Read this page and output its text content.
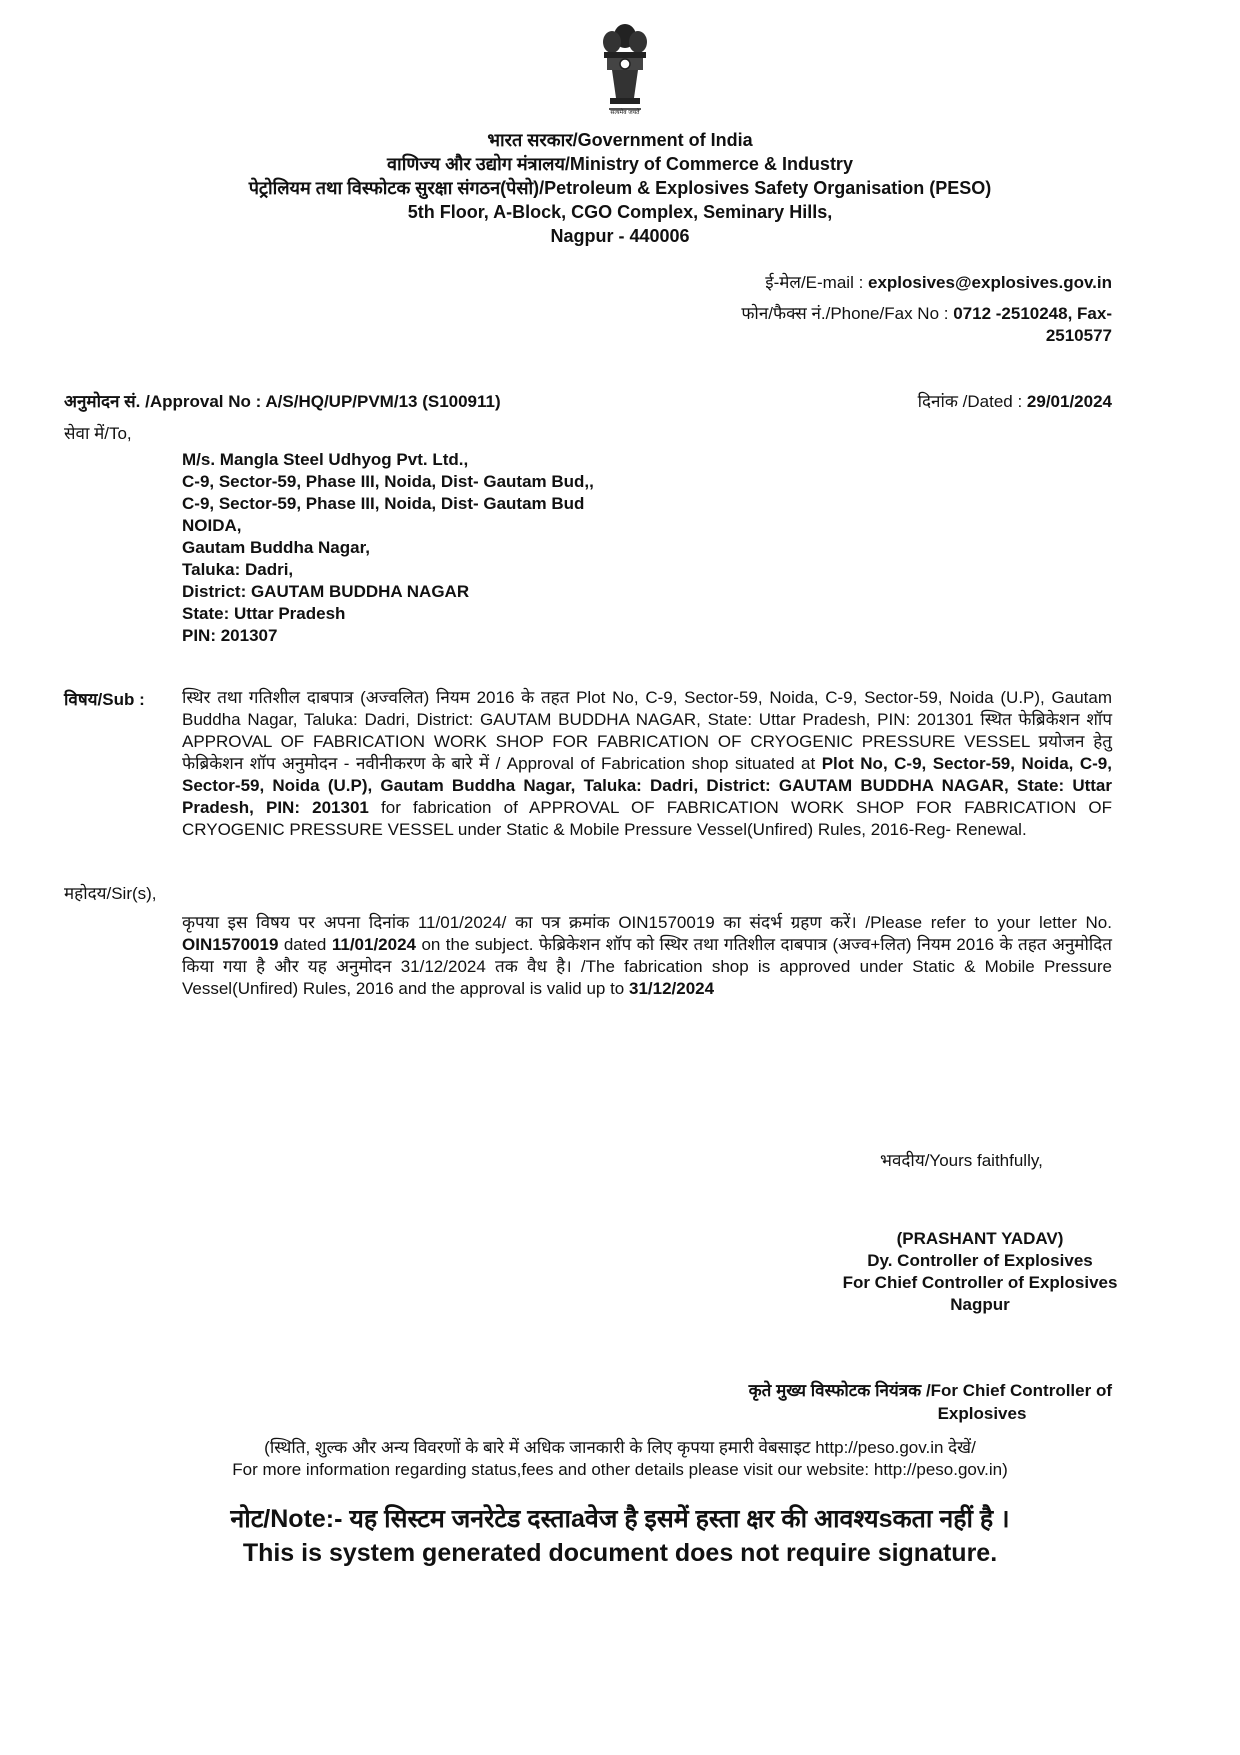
सत्यमेव जयते
भारत सरकार/Government of India
वाणिज्य और उद्योग मंत्रालय/Ministry of Commerce & Industry
पेट्रोलियम तथा विस्फोटक सुरक्षा संगठन(पेसो)/Petroleum & Explosives Safety Organisation (PESO)
5th Floor, A-Block, CGO Complex, Seminary Hills,
Nagpur - 440006
ई-मेल/E-mail : explosives@explosives.gov.in
फोन/फैक्स नं./Phone/Fax No : 0712 -2510248, Fax-
2510577
अनुमोदन सं. /Approval No : A/S/HQ/UP/PVM/13 (S100911)	दिनांक /Dated : 29/01/2024
सेवा में/To,
M/s. Mangla Steel Udhyog Pvt. Ltd.,
C-9, Sector-59, Phase III, Noida, Dist- Gautam Bud,,
C-9, Sector-59, Phase III, Noida, Dist- Gautam Bud
NOIDA,
Gautam Buddha Nagar,
Taluka: Dadri,
District: GAUTAM BUDDHA NAGAR
State: Uttar Pradesh
PIN: 201307
विषय/Sub : स्थिर तथा गतिशील दाबपात्र (अज्वलित) नियम 2016 के तहत Plot No, C-9, Sector-59, Noida, C-9, Sector-59, Noida (U.P), Gautam Buddha Nagar, Taluka: Dadri, District: GAUTAM BUDDHA NAGAR, State: Uttar Pradesh, PIN: 201301 स्थित फेब्रिकेशन शॉप APPROVAL OF FABRICATION WORK SHOP FOR FABRICATION OF CRYOGENIC PRESSURE VESSEL प्रयोजन हेतु फेब्रिकेशन शॉप अनुमोदन - नवीनीकरण के बारे में / Approval of Fabrication shop situated at Plot No, C-9, Sector-59, Noida, C-9, Sector-59, Noida (U.P), Gautam Buddha Nagar, Taluka: Dadri, District: GAUTAM BUDDHA NAGAR, State: Uttar Pradesh, PIN: 201301 for fabrication of APPROVAL OF FABRICATION WORK SHOP FOR FABRICATION OF CRYOGENIC PRESSURE VESSEL under Static & Mobile Pressure Vessel(Unfired) Rules, 2016-Reg- Renewal.
महोदय/Sir(s),
कृपया इस विषय पर अपना दिनांक 11/01/2024/ का पत्र क्रमांक OIN1570019 का संदर्भ ग्रहण करें। /Please refer to your letter No. OIN1570019 dated 11/01/2024 on the subject. फेब्रिकेशन शॉप को स्थिर तथा गतिशील दाबपात्र (अज्व+लित) नियम 2016 के तहत अनुमोदित किया गया है और यह अनुमोदन 31/12/2024 तक वैध है। /The fabrication shop is approved under Static & Mobile Pressure Vessel(Unfired) Rules, 2016 and the approval is valid up to 31/12/2024
भवदीय/Yours faithfully,
(PRASHANT YADAV)
Dy. Controller of Explosives
For Chief Controller of Explosives
Nagpur
कृते मुख्य विस्फोटक नियंत्रक /For Chief Controller of
Explosives
(स्थिति, शुल्क और अन्य विवरणों के बारे में अधिक जानकारी के लिए कृपया हमारी वेबसाइट http://peso.gov.in देखें/
For more information regarding status,fees and other details please visit our website: http://peso.gov.in)
नोट/Note:- यह सिस्टम जनरेटेड दस्ताaवेज है इसमें हस्ता क्षर की आवश्यsकता नहीं है ।
This is system generated document does not require signature.
